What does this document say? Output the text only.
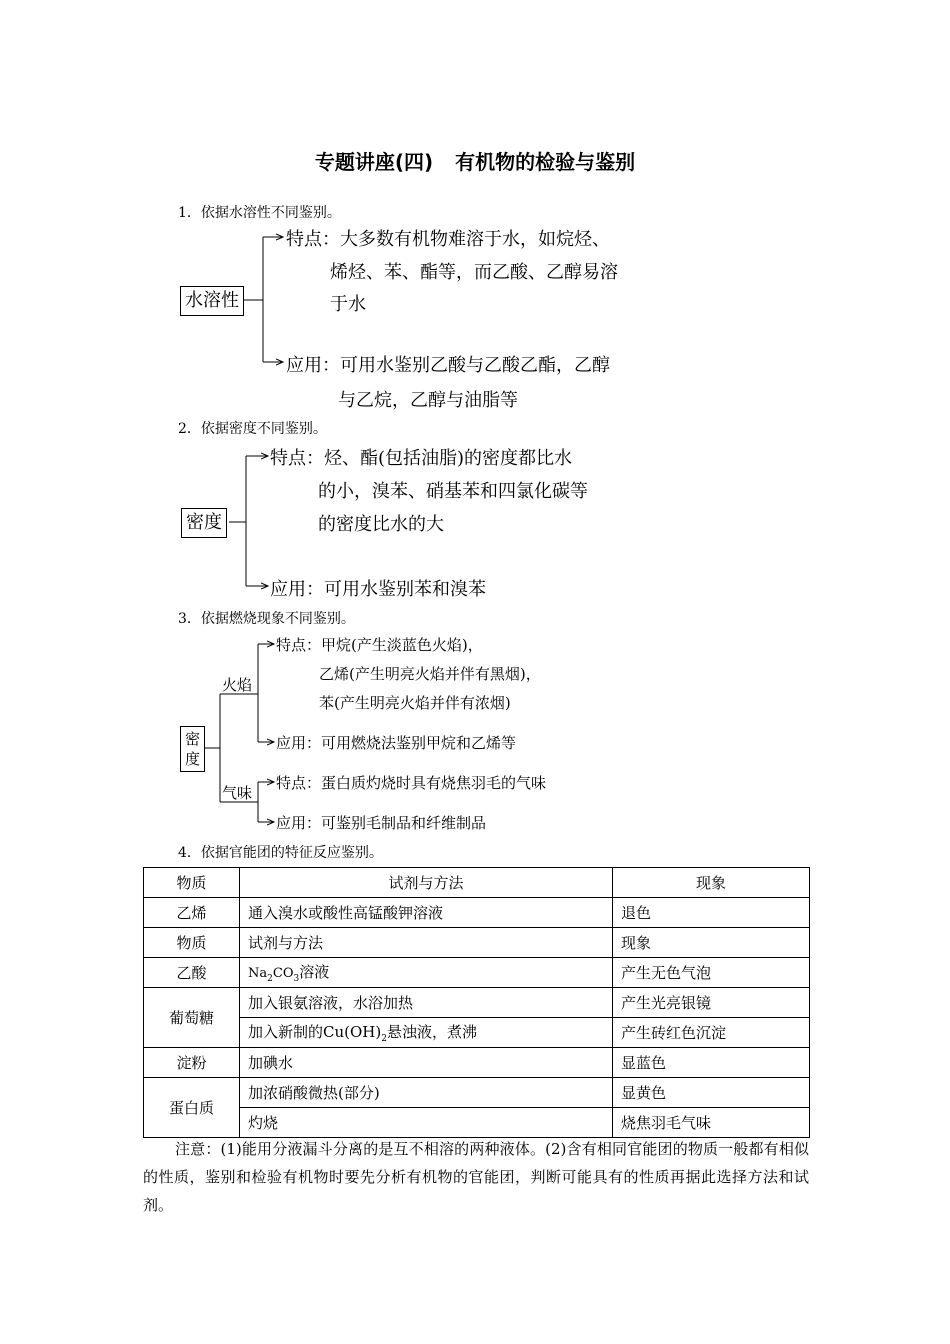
专题讲座(四) 有机物的检验与鉴别
1．依据水溶性不同鉴别。
水溶性
特点：大多数有机物难溶于水，如烷烃、
烯烃、苯、酯等，而乙酸、乙醇易溶
于水
应用：可用水鉴别乙酸与乙酸乙酯，乙醇
与乙烷，乙醇与油脂等
2．依据密度不同鉴别。
密度
特点：烃、酯(包括油脂)的密度都比水
的小，溴苯、硝基苯和四氯化碳等
的密度比水的大
应用：可用水鉴别苯和溴苯
3．依据燃烧现象不同鉴别。
密
度
火焰
特点：甲烷(产生淡蓝色火焰)，
乙烯(产生明亮火焰并伴有黑烟)，
苯(产生明亮火焰并伴有浓烟)
应用：可用燃烧法鉴别甲烷和乙烯等
气味
特点：蛋白质灼烧时具有烧焦羽毛的气味
应用：可鉴别毛制品和纤维制品
4．依据官能团的特征反应鉴别。
物质	试剂与方法	现象
乙烯	通入溴水或酸性高锰酸钾溶液	退色
物质	试剂与方法	现象
乙酸	$Na_2CO_3$溶液	产生无色气泡
葡萄糖	加入银氨溶液，水浴加热	产生光亮银镜
	加入新制的$Cu(OH)_2$悬浊液，煮沸	产生砖红色沉淀
淀粉	加碘水	显蓝色
蛋白质	加浓硝酸微热(部分)	显黄色
	灼烧	烧焦羽毛气味
注意：(1)能用分液漏斗分离的是互不相溶的两种液体。(2)含有相同官能团的物质一般都有相似的性质，鉴别和检验有机物时要先分析有机物的官能团，判断可能具有的性质再据此选择方法和试剂。
